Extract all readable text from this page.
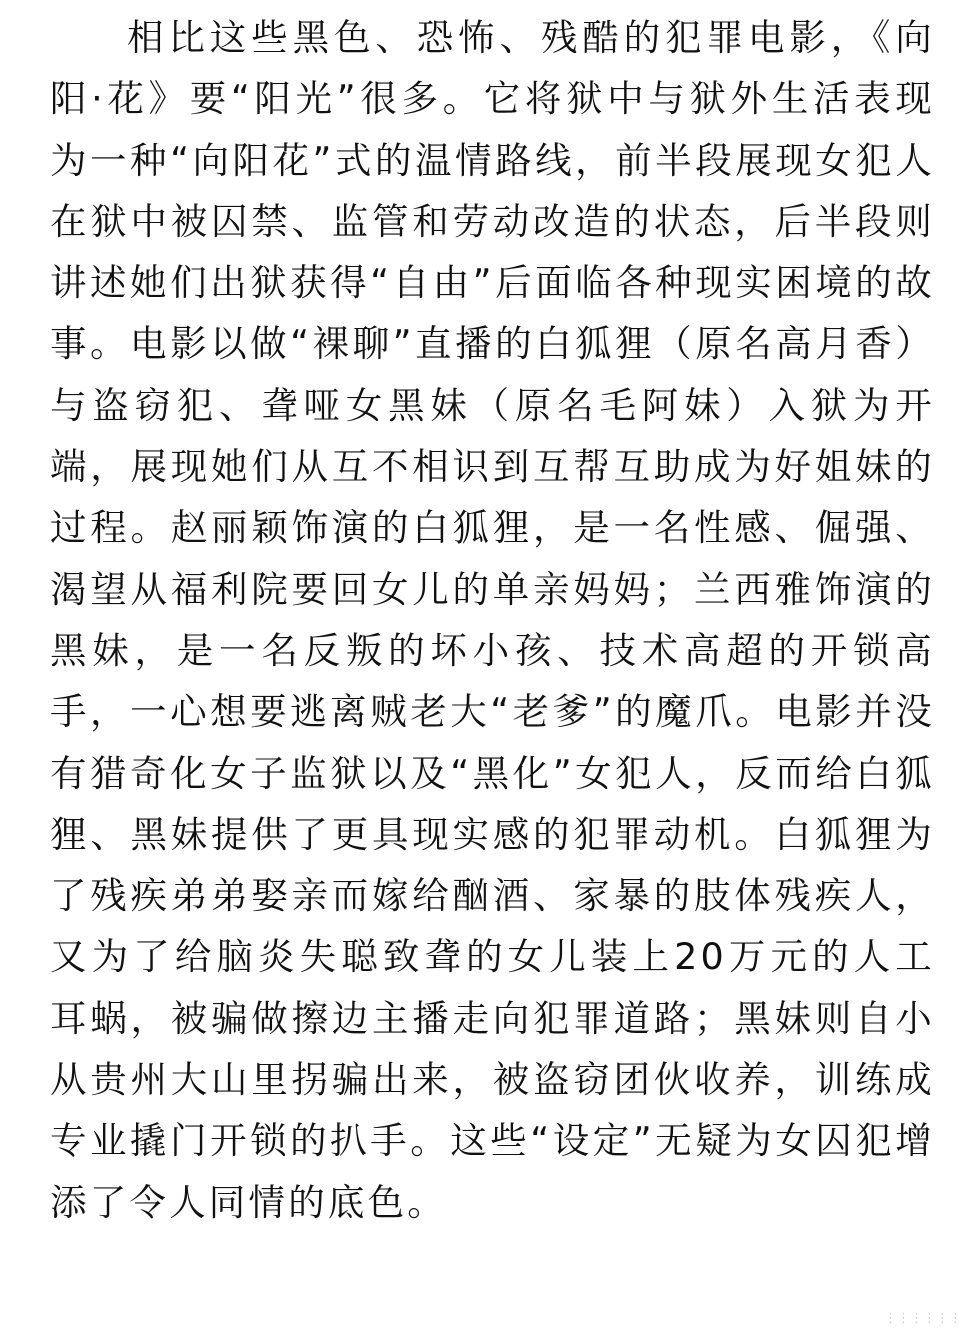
相比这些黑色、恐怖、残酷的犯罪电影，《向阳·花》要“阳光”很多。它将狱中与狱外生活表现为一种“向阳花”式的温情路线，前半段展现女犯人在狱中被囚禁、监管和劳动改造的状态，后半段则讲述她们出狱获得“自由”后面临各种现实困境的故事。电影以做“裸聊”直播的白狐狸（原名高月香）与盗窃犯、聋哑女黑妹（原名毛阿妹）入狱为开端，展现她们从互不相识到互帮互助成为好姐妹的过程。赵丽颖饰演的白狐狸，是一名性感、倔强、渴望从福利院要回女儿的单亲妈妈；兰西雅饰演的黑妹，是一名反叛的坏小孩、技术高超的开锁高手，一心想要逃离贼老大“老爹”的魔爪。电影并没有猎奇化女子监狱以及“黑化”女犯人，反而给白狐狸、黑妹提供了更具现实感的犯罪动机。白狐狸为了残疾弟弟娶亲而嫁给酗酒、家暴的肢体残疾人，又为了给脑炎失聪致聋的女儿装上20万元的人工耳蜗，被骗做擦边主播走向犯罪道路；黑妹则自小从贵州大山里拐骗出来，被盗窃团伙收养，训练成专业撬门开锁的扒手。这些“设定”无疑为女囚犯增添了令人同情的底色。

⋮⋮⋮⋮⋮⋮
